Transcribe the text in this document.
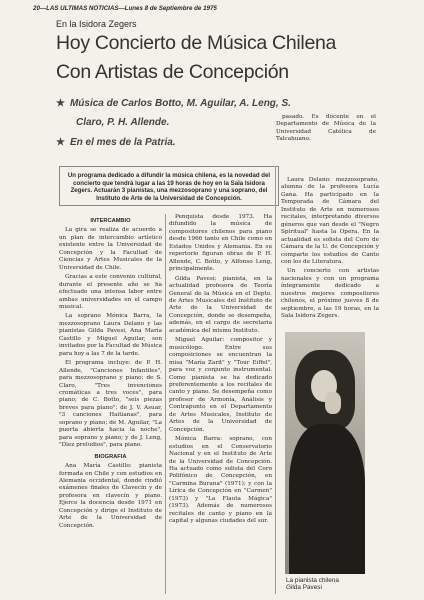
20—LAS ULTIMAS NOTICIAS—Lunes 8 de Septiembre de 1975
En la Isidora Zegers
Hoy Concierto de Música Chilena
Con Artistas de Concepción
★ Música de Carlos Botto, M. Aguilar, A. Leng, S.
Claro, P. H. Allende.
★ En el mes de la Patria.
Un programa dedicado a difundir la música chilena, es la novedad del concierto que tendrá lugar a las 19 horas de hoy en la Sala Isidora Zegers. Actuarán 3 pianistas, una mezzosoprano y una soprano, del Instituto de Arte de la Universidad de Concepción.

INTERCAMBIO

La gira se realiza de acuerdo a un plan de intercambio artístico existente entre la Universidad de Concepción y la Facultad de Ciencias y Artes Musicales de la Universidad de Chile.

Gracias a este convenio cultural, durante el presente año se ha efectuado una intensa labor entre ambas universidades en el campo musical.

La soprano Mónica Barra, la mezzosoprano Laura Delano y las pianistas Gilda Pavesi, Ana María Castillo y Miguel Aguilar, son invitados por la Facultad de Música para hoy a las 7 de la tarde.

El programa incluye: de P. H. Allende, "Canciones Infantiles", para mezzosoprano y piano; de S. Claro, "Tres invenciones cromáticas a tres voces", para piano; de C. Botto, "seis piezas breves para piano"; de J. V. Asuar, "3 canciones Haitianas", para soprano y piano; de M. Aguilar, "La puerta abierta hacia la noche", para soprano y piano; y de J. Leng, "Diez preludios", para piano.

BIOGRAFIA

Ana María Castillo: pianista formada en Chile y con estudios en Alemania occidental, donde rindió exámenes finales de Clavecín y de profesora en clavecín y piano. Ejerce la docencia desde 1971 en Concepción y dirige el Instituto de Arte de la Universidad de Concepción.

Penquista desde 1973. Ha difundido la música de compositores chilenos para piano desde 1966 tanto en Chile como en Estados Unidos y Alemania. En su repertorio figuran obras de P. H. Allende, C. Botto, y Alfonso Leng, principalmente.

Gilda Pavesi: pianista, en la actualidad profesora de Teoría General de la Música en el Depto. de Artes Musicales del Instituto de Arte de la Universidad de Concepción, donde se desempeña, además, en el cargo de secretaria académica del mismo Instituto.

Miguel Aguilar: compositor y musicólogo. Entre sus composiciones se encuentran la misa "María Zarit" y "Tour Eiffel", para voz y conjunto instrumental. Como pianista se ha dedicado preferentemente a los recitales de canto y piano. Se desempeña como profesor de Armonía, Análisis y Contrapunto en el Departamento de Artes Musicales, Instituto de Artes de la Universidad de Concepción.

Mónica Barra: soprano, con estudios en el Conservatorio Nacional y en el Instituto de Arte de la Universidad de Concepción. Ha actuado como solista del Coro Polifónico de Concepción, en "Carmina Burana" (1971); y con la Lírica de Concepción en "Carmen" (1973) y "La Flauta Mágica" (1973). Además de numerosos recitales de canto y piano en la capital y algunas ciudades del sur.

pasado. Es docente en el Departamento de Música de la Universidad Católica de Talcahuano.

Laura Delano: mezzosoprano, alumna de la profesora Lucía Gana. Ha participado en la Temporada de Cámara del Instituto de Arte en numerosos recitales, interpretando diversos géneros que van desde el "Negro Spiritual" hasta la Opera. En la actualidad es solista del Coro de Cámara de la U. de Concepción y comparte los estudios de Canto con los de Literatura.

Un concierto con artistas nacionales y con un programa íntegramente dedicado a nuestros mejores compositores chilenos, el próximo jueves 8 de septiembre, a las 19 horas, en la Sala Isidora Zegers.

La pianista chilena
Gilda Pavesi
